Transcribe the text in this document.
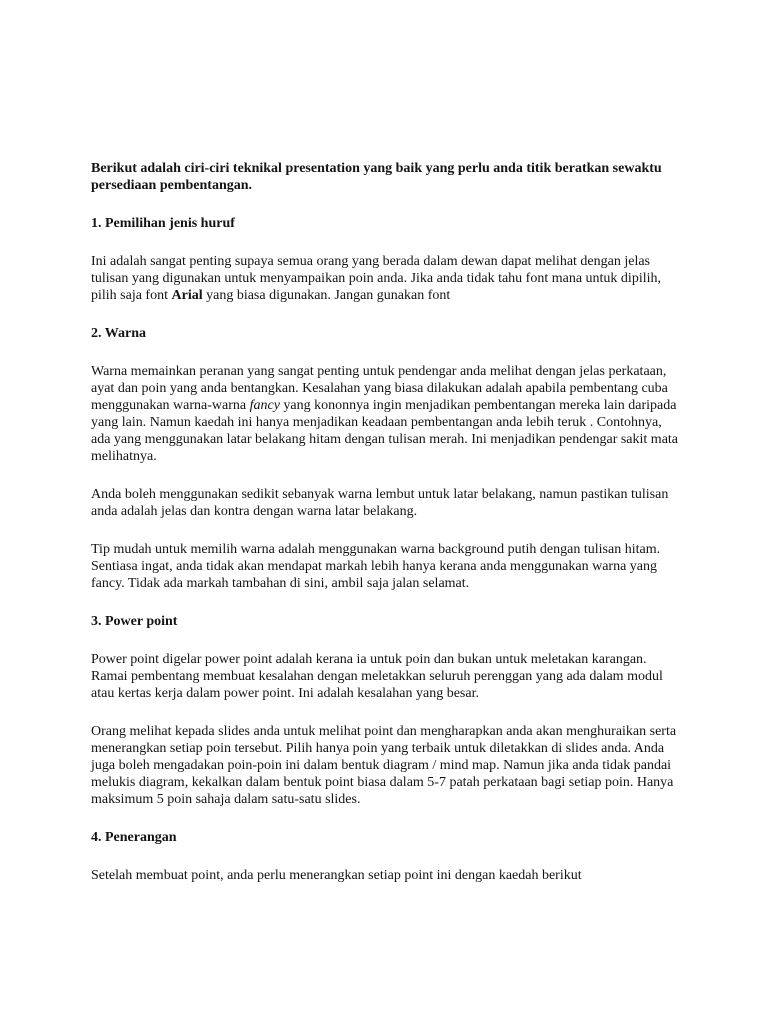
Berikut adalah ciri-ciri teknikal presentation yang baik yang perlu anda titik beratkan sewaktu persediaan pembentangan.

1. Pemilihan jenis huruf

Ini adalah sangat penting supaya semua orang yang berada dalam dewan dapat melihat dengan jelas tulisan yang digunakan untuk menyampaikan poin anda. Jika anda tidak tahu font mana untuk dipilih, pilih saja font Arial yang biasa digunakan. Jangan gunakan font

2. Warna

Warna memainkan peranan yang sangat penting untuk pendengar anda melihat dengan jelas perkataan, ayat dan poin yang anda bentangkan. Kesalahan yang biasa dilakukan adalah apabila pembentang cuba menggunakan warna-warna fancy yang kononnya ingin menjadikan pembentangan mereka lain daripada yang lain. Namun kaedah ini hanya menjadikan keadaan pembentangan anda lebih teruk . Contohnya, ada yang menggunakan latar belakang hitam dengan tulisan merah. Ini menjadikan pendengar sakit mata melihatnya.

Anda boleh menggunakan sedikit sebanyak warna lembut untuk latar belakang, namun pastikan tulisan anda adalah jelas dan kontra dengan warna latar belakang.

Tip mudah untuk memilih warna adalah menggunakan warna background putih dengan tulisan hitam. Sentiasa ingat, anda tidak akan mendapat markah lebih hanya kerana anda menggunakan warna yang fancy. Tidak ada markah tambahan di sini, ambil saja jalan selamat.

3. Power point

Power point digelar power point adalah kerana ia untuk poin dan bukan untuk meletakan karangan. Ramai pembentang membuat kesalahan dengan meletakkan seluruh perenggan yang ada dalam modul atau kertas kerja dalam power point. Ini adalah kesalahan yang besar.

Orang melihat kepada slides anda untuk melihat point dan mengharapkan anda akan menghuraikan serta menerangkan setiap poin tersebut. Pilih hanya poin yang terbaik untuk diletakkan di slides anda. Anda juga boleh mengadakan poin-poin ini dalam bentuk diagram / mind map. Namun jika anda tidak pandai melukis diagram, kekalkan dalam bentuk point biasa dalam 5-7 patah perkataan bagi setiap poin. Hanya maksimum 5 poin sahaja dalam satu-satu slides.

4. Penerangan

Setelah membuat point, anda perlu menerangkan setiap point ini dengan kaedah berikut
